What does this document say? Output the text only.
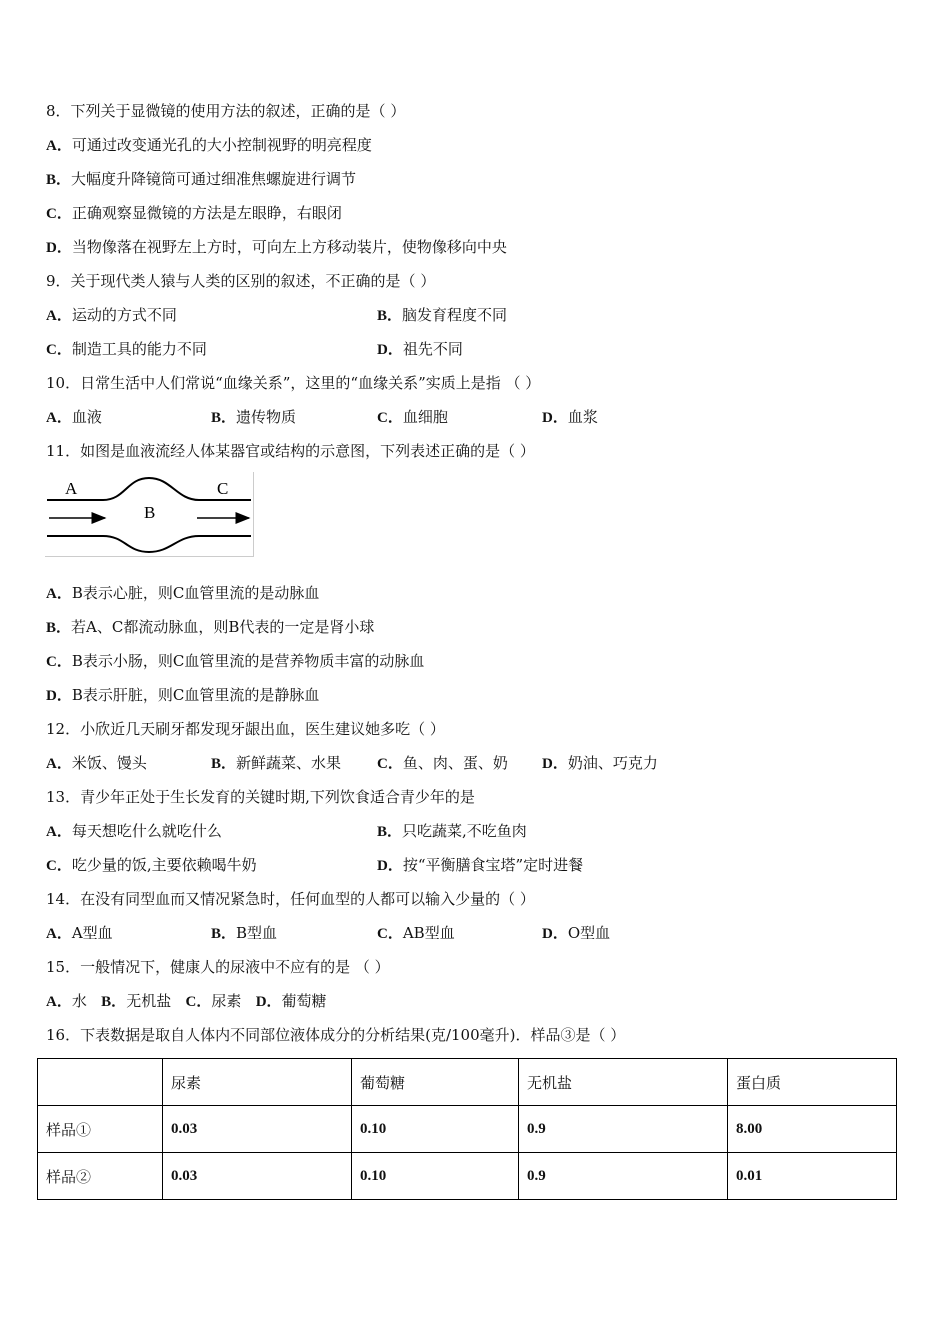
8．下列关于显微镜的使用方法的叙述，正确的是（ ）
A．可通过改变通光孔的大小控制视野的明亮程度
B．大幅度升降镜筒可通过细准焦螺旋进行调节
C．正确观察显微镜的方法是左眼睁，右眼闭
D．当物像落在视野左上方时，可向左上方移动装片，使物像移向中央
9．关于现代类人猿与人类的区别的叙述，不正确的是（ ）
A．运动的方式不同	B．脑发育程度不同
C．制造工具的能力不同	D．祖先不同
10．日常生活中人们常说“血缘关系”，这里的“血缘关系”实质上是指 （ ）
A．血液	B．遗传物质	C．血细胞	D．血浆
11．如图是血液流经人体某器官或结构的示意图，下列表述正确的是（ ）
A
B
C
A．B表示心脏，则C血管里流的是动脉血
B．若A、C都流动脉血，则B代表的一定是肾小球
C．B表示小肠，则C血管里流的是营养物质丰富的动脉血
D．B表示肝脏，则C血管里流的是静脉血
12．小欣近几天刷牙都发现牙龈出血，医生建议她多吃（ ）
A．米饭、馒头	B．新鲜蔬菜、水果 C．鱼、肉、蛋、奶 D．奶油、巧克力
13．青少年正处于生长发育的关键时期,下列饮食适合青少年的是
A．每天想吃什么就吃什么	B．只吃蔬菜,不吃鱼肉
C．吃少量的饭,主要依赖喝牛奶	D．按“平衡膳食宝塔”定时进餐
14．在没有同型血而又情况紧急时，任何血型的人都可以输入少量的（ ）
A．A型血	B．B型血	C．AB型血	D．O型血
15．一般情况下，健康人的尿液中不应有的是 （ ）
A．水 B．无机盐 C．尿素 D．葡萄糖
16．下表数据是取自人体内不同部位液体成分的分析结果(克/100毫升)．样品③是（ ）
	尿素	葡萄糖	无机盐	蛋白质
样品①	0.03	0.10	0.9	8.00
样品②	0.03	0.10	0.9	0.01
